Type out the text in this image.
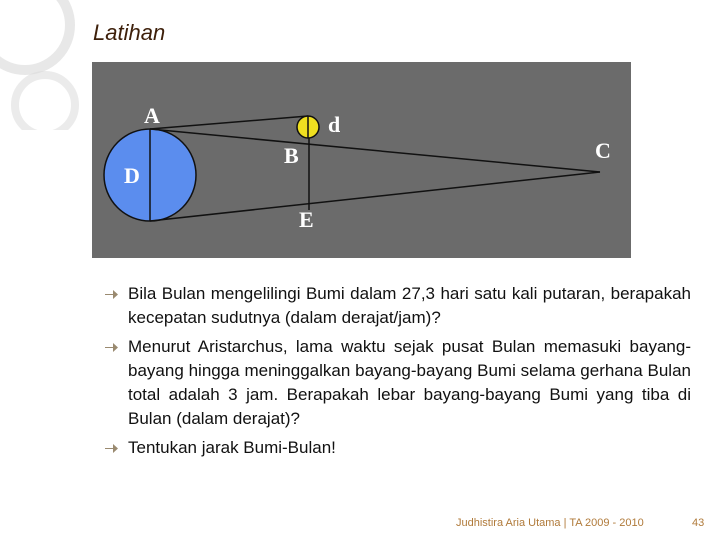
Latihan
A
D
B
d
C
E
Bila Bulan mengelilingi Bumi dalam 27,3 hari satu kali putaran, berapakah kecepatan sudutnya (dalam derajat/jam)?
Menurut Aristarchus, lama waktu sejak pusat Bulan memasuki bayang-bayang hingga meninggalkan bayang-bayang Bumi selama gerhana Bulan total adalah 3 jam. Berapakah lebar bayang-bayang Bumi yang tiba di Bulan (dalam derajat)?
Tentukan jarak Bumi-Bulan!
Judhistira Aria Utama | TA 2009 - 2010	43
